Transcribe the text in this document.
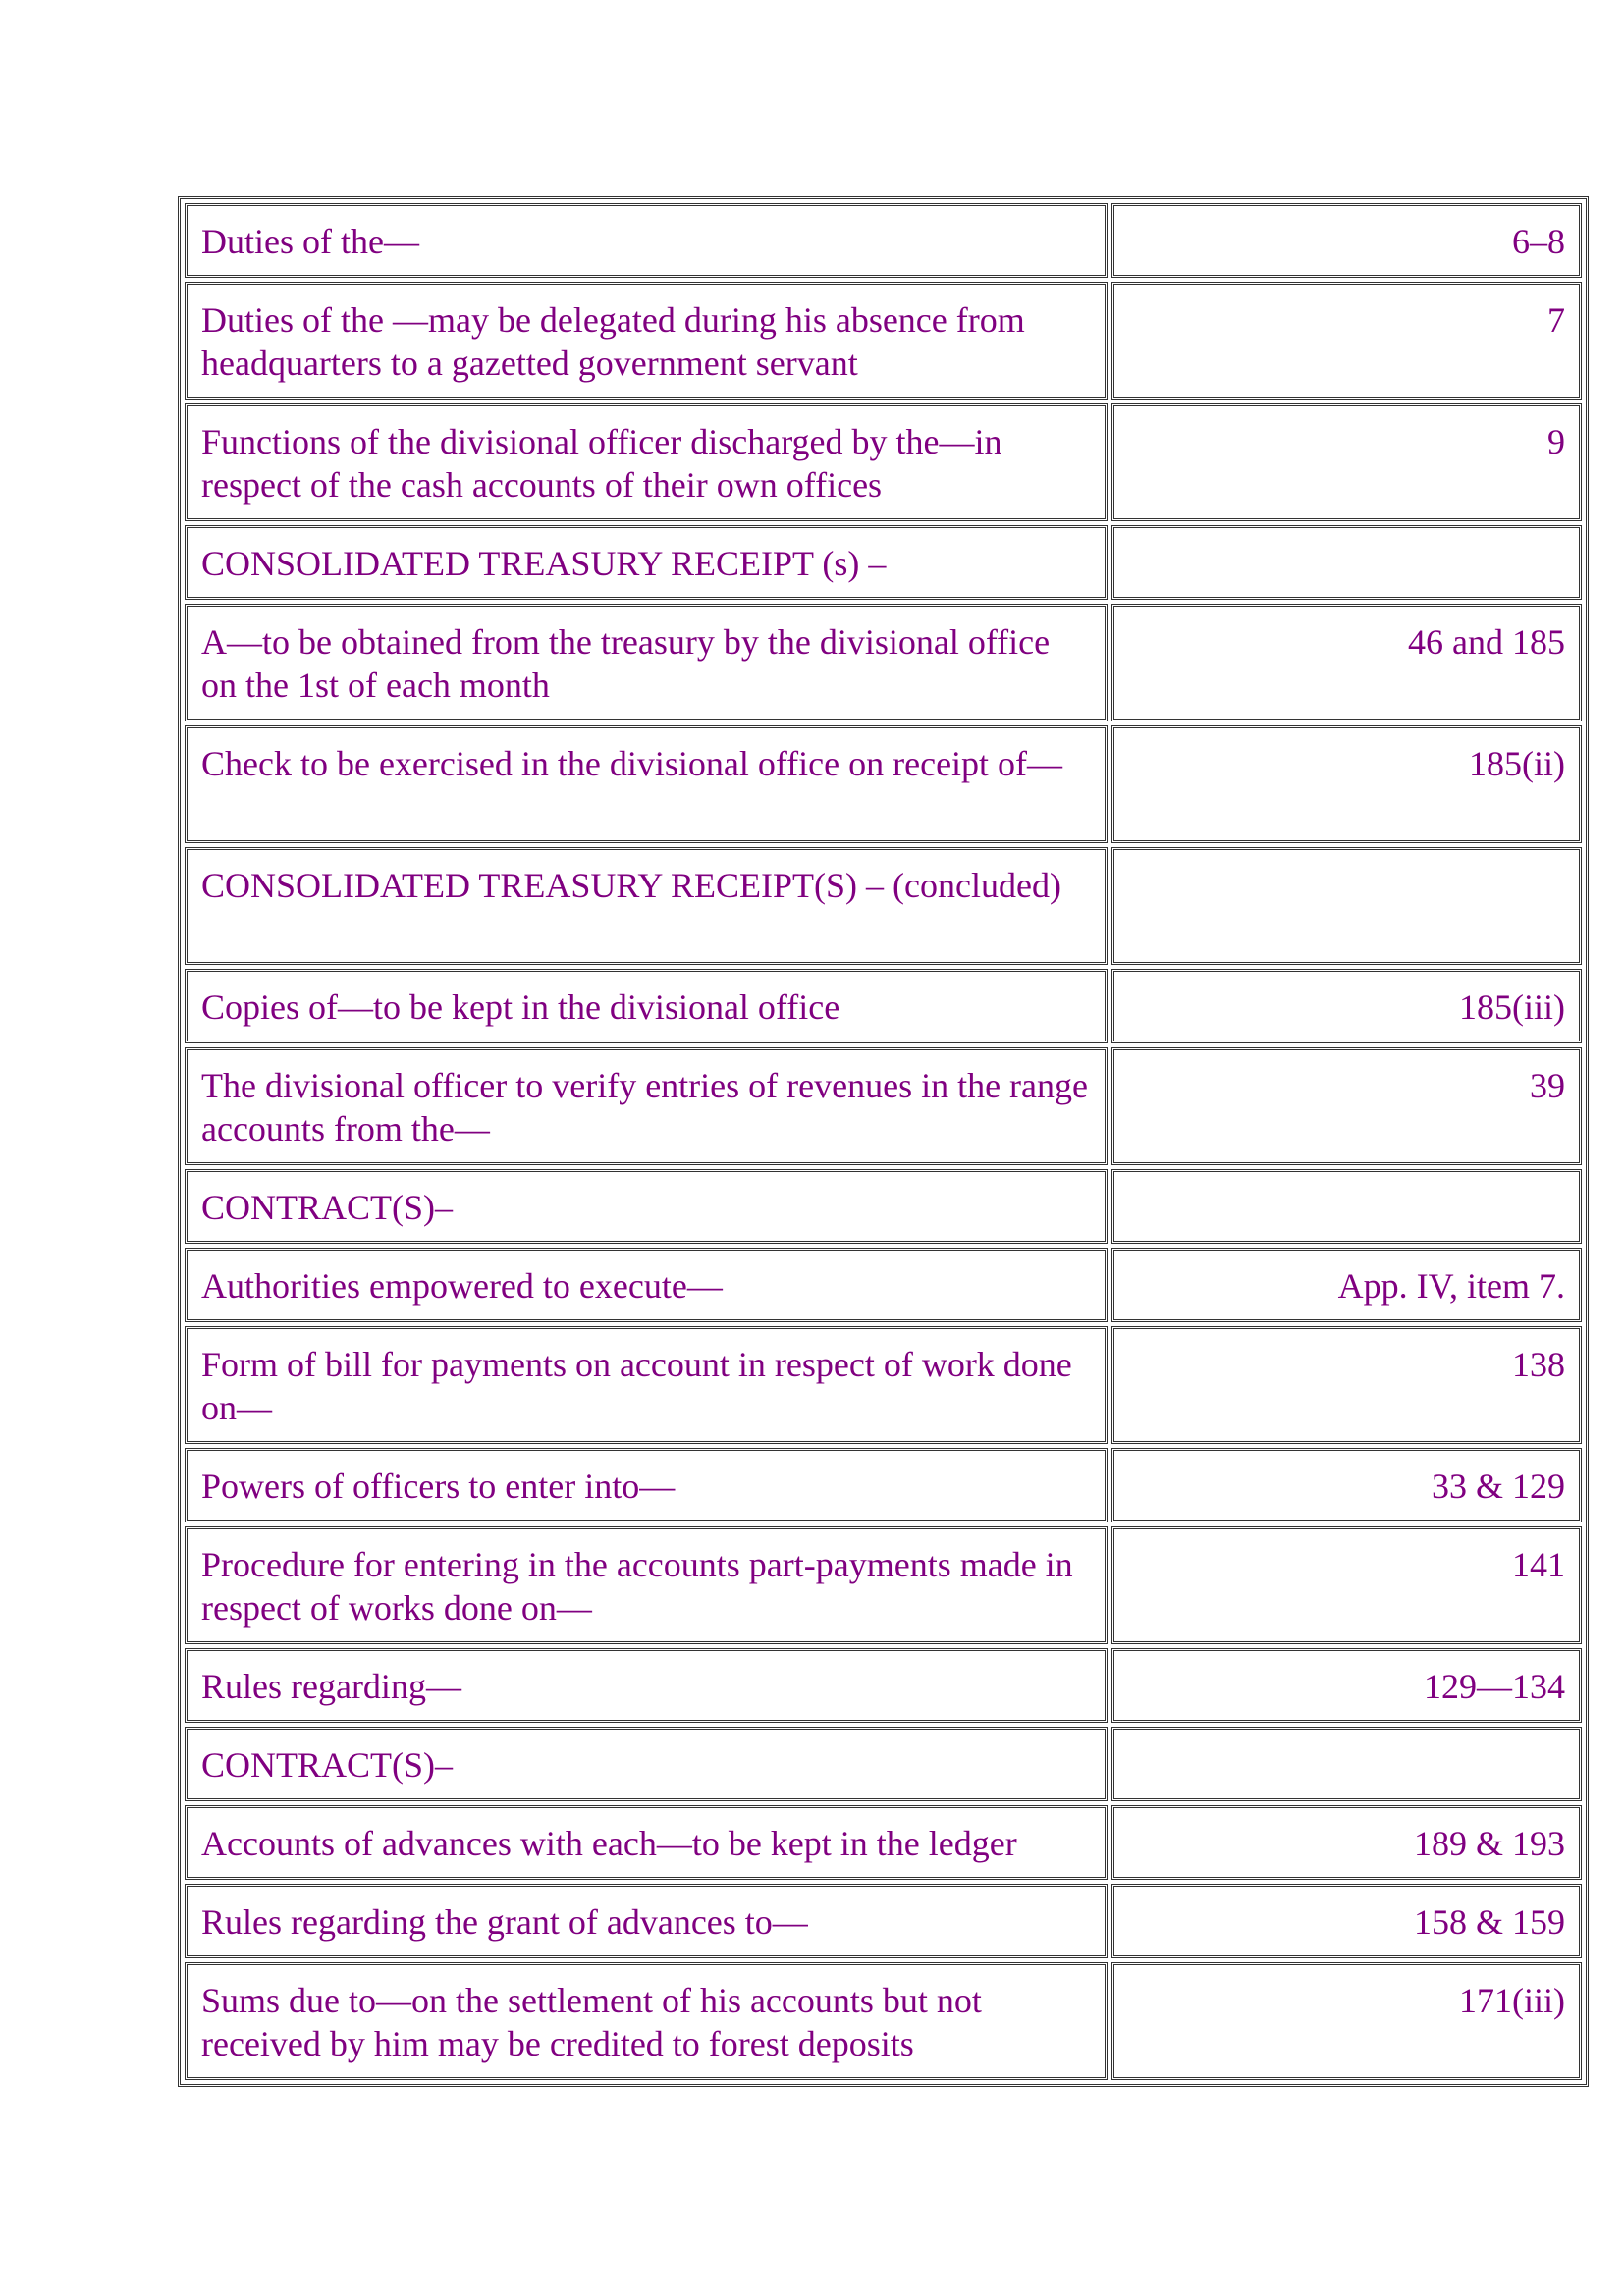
Duties of the—	6–8
Duties of the —may be delegated during his absence from headquarters to a gazetted government servant	7
Functions of the divisional officer discharged by the—in respect of the cash accounts of their own offices	9
CONSOLIDATED TREASURY RECEIPT (s) –	
A—to be obtained from the treasury by the divisional office on the 1st of each month	46 and 185
Check to be exercised in the divisional office on receipt of—	185(ii)
CONSOLIDATED TREASURY RECEIPT(S) – (concluded)	
Copies of—to be kept in the divisional office	185(iii)
The divisional officer to verify entries of revenues in the range accounts from the—	39
CONTRACT(S)–	
Authorities empowered to execute—	App. IV, item 7.
Form of bill for payments on account in respect of work done on—	138
Powers of officers to enter into—	33 & 129
Procedure for entering in the accounts part-payments made in respect of works done on—	141
Rules regarding—	129—134
CONTRACT(S)–	
Accounts of advances with each—to be kept in the ledger	189 & 193
Rules regarding the grant of advances to—	158 & 159
Sums due to—on the settlement of his accounts but not received by him may be credited to forest deposits	171(iii)
